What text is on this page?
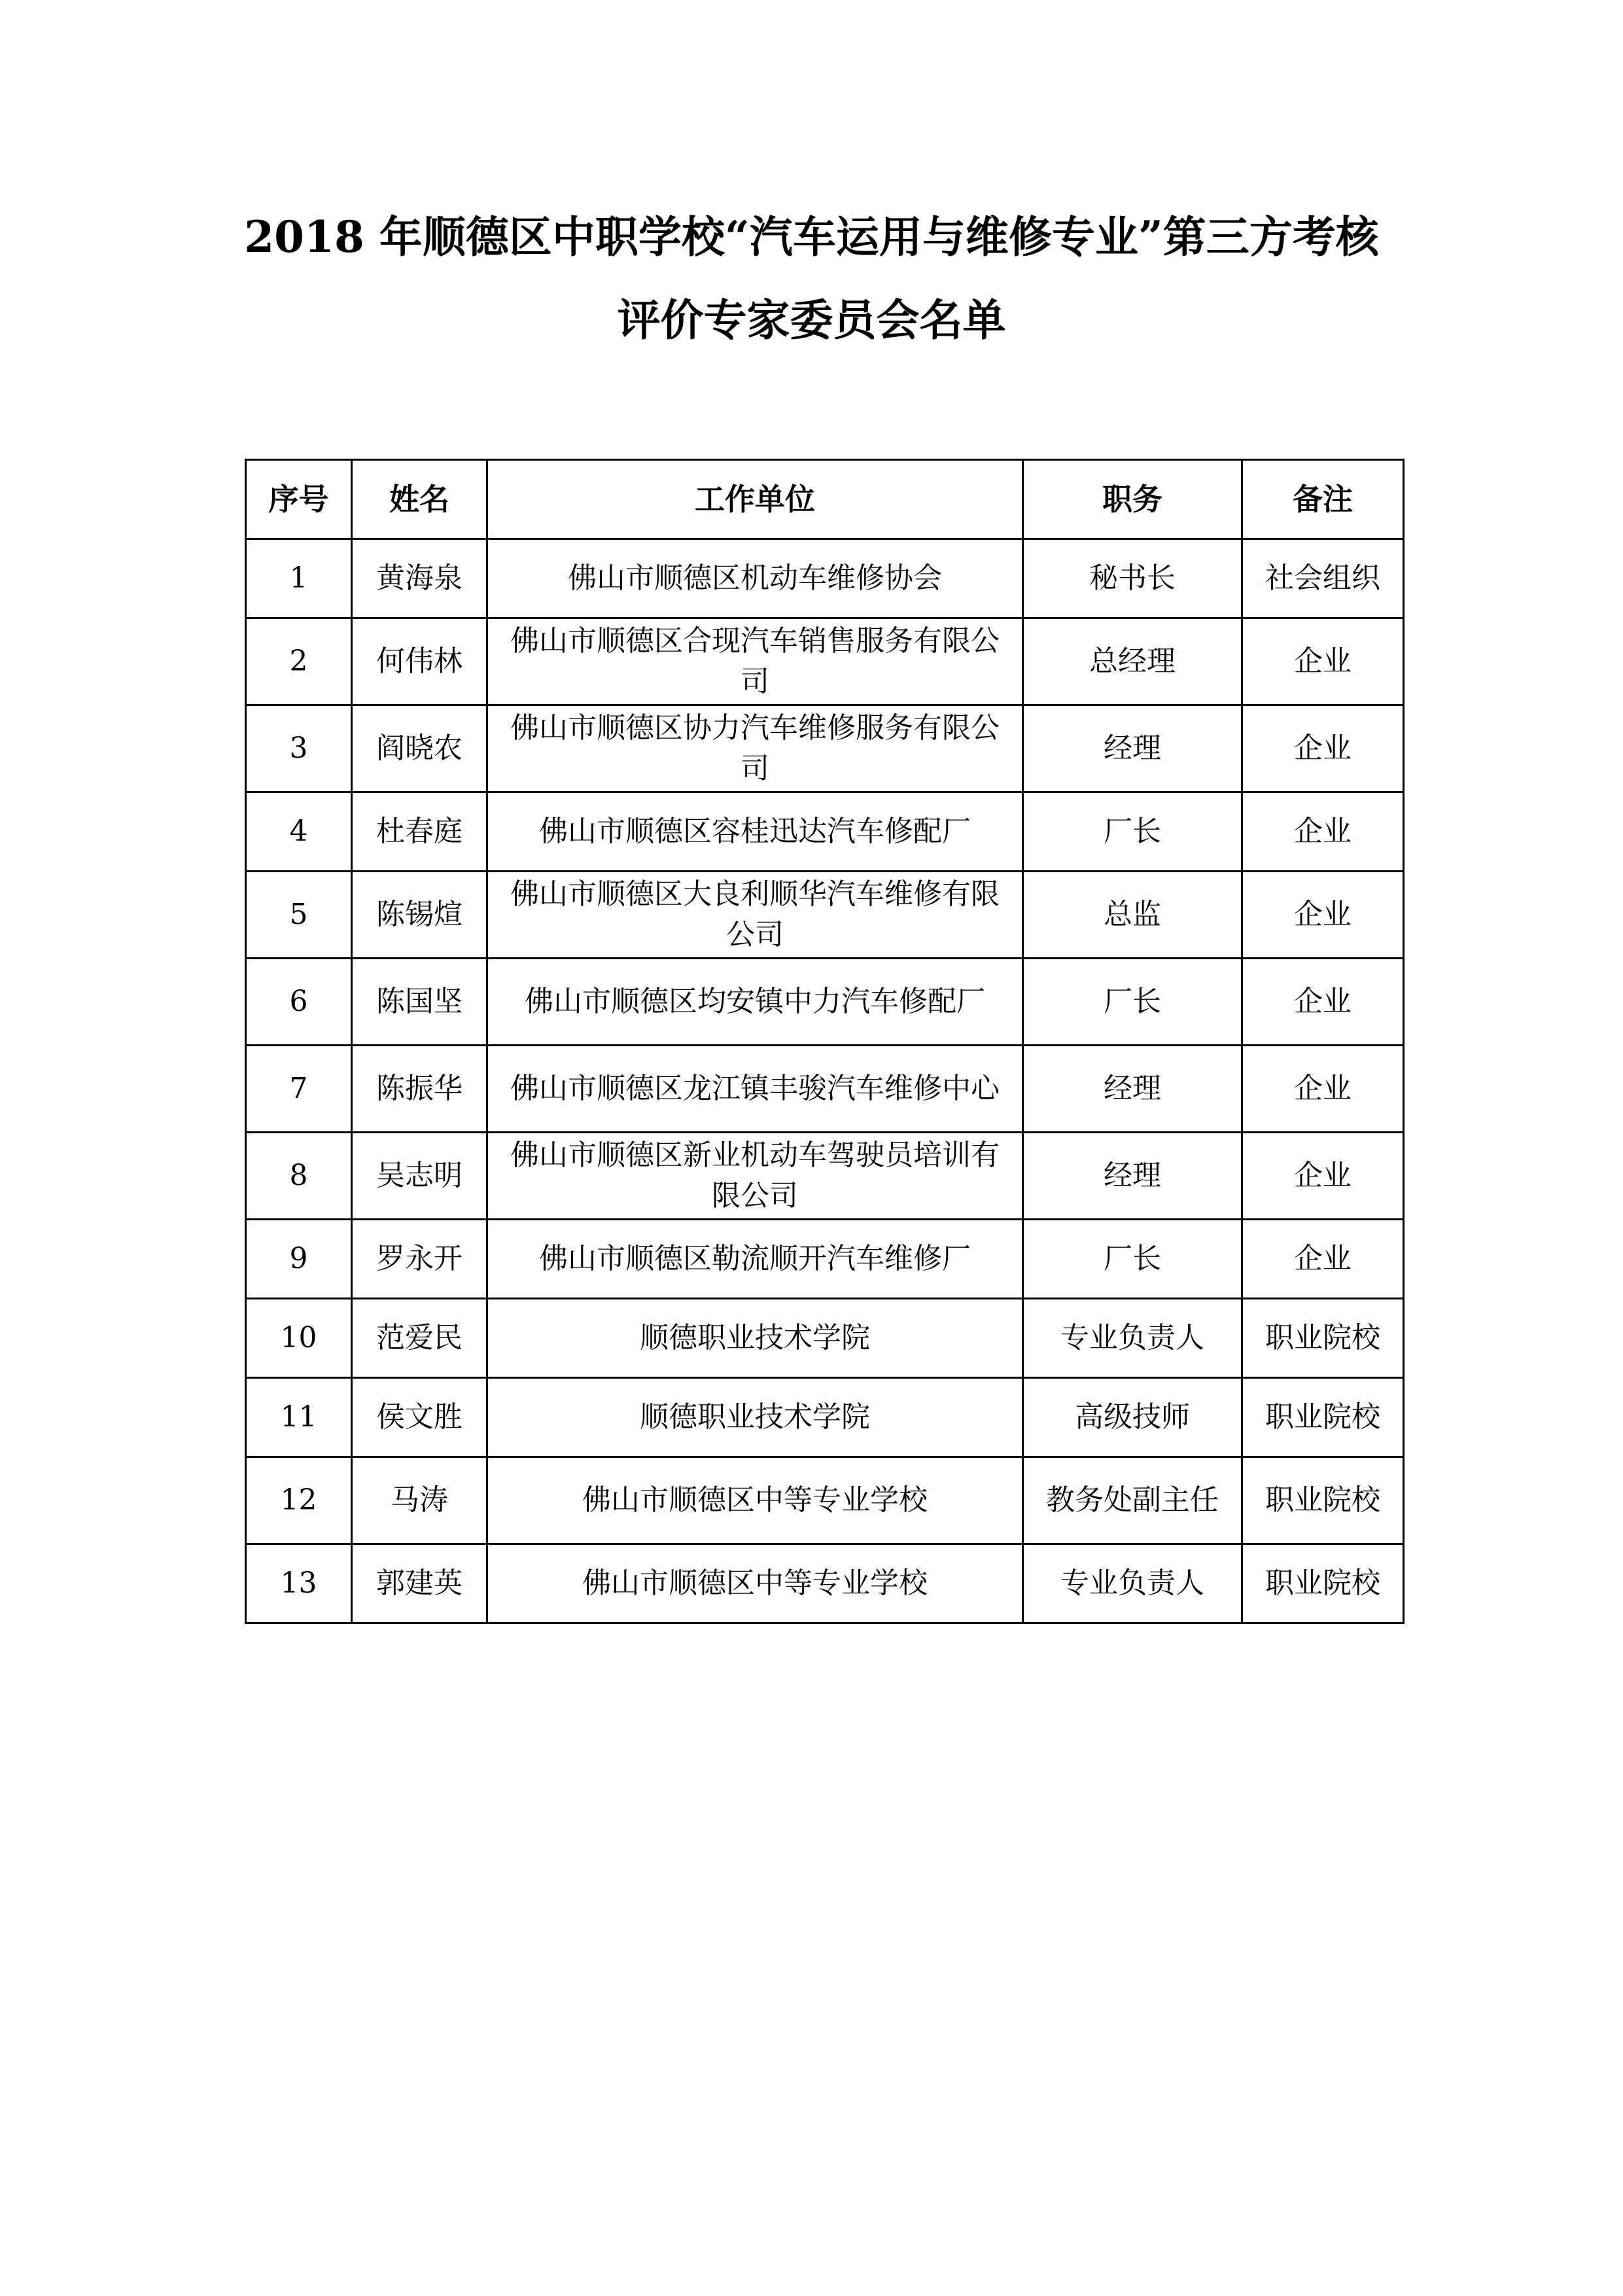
2018 年顺德区中职学校“汽车运用与维修专业”第三方考核
评价专家委员会名单
序号	姓名	工作单位	职务	备注
1	黄海泉	佛山市顺德区机动车维修协会	秘书长	社会组织
2	何伟林	佛山市顺德区合现汽车销售服务有限公司	总经理	企业
3	阎晓农	佛山市顺德区协力汽车维修服务有限公司	经理	企业
4	杜春庭	佛山市顺德区容桂迅达汽车修配厂	厂长	企业
5	陈锡煊	佛山市顺德区大良利顺华汽车维修有限公司	总监	企业
6	陈国坚	佛山市顺德区均安镇中力汽车修配厂	厂长	企业
7	陈振华	佛山市顺德区龙江镇丰骏汽车维修中心	经理	企业
8	吴志明	佛山市顺德区新业机动车驾驶员培训有限公司	经理	企业
9	罗永开	佛山市顺德区勒流顺开汽车维修厂	厂长	企业
10	范爱民	顺德职业技术学院	专业负责人	职业院校
11	侯文胜	顺德职业技术学院	高级技师	职业院校
12	马涛	佛山市顺德区中等专业学校	教务处副主任	职业院校
13	郭建英	佛山市顺德区中等专业学校	专业负责人	职业院校
